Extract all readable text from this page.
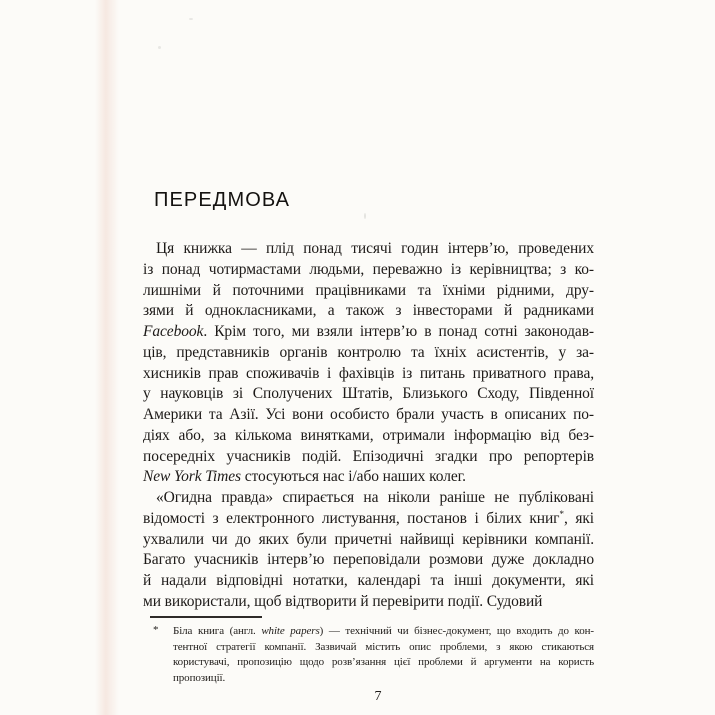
ПЕРЕДМОВА
Ця книжка — плід понад тисячі годин інтерв’ю, проведених
із понад чотирмастами людьми, переважно із керівництва; з ко-
лишніми й поточними працівниками та їхніми рідними, дру-
зями й однокласниками, а також з інвесторами й радниками
Facebook. Крім того, ми взяли інтерв’ю в понад сотні законодав-
ців, представників органів контролю та їхніх асистентів, у за-
хисників прав споживачів і фахівців із питань приватного права,
у науковців зі Сполучених Штатів, Близького Сходу, Південної
Америки та Азії. Усі вони особисто брали участь в описаних по-
діях або, за кількома винятками, отримали інформацію від без-
посередніх учасників подій. Епізодичні згадки про репортерів
New York Times стосуються нас і/або наших колег.
«Огидна правда» спирається на ніколи раніше не публіковані
відомості з електронного листування, постанов і білих книг*, які
ухвалили чи до яких були причетні найвищі керівники компанії.
Багато учасників інтерв’ю переповідали розмови дуже докладно
й надали відповідні нотатки, календарі та інші документи, які
ми використали, щоб відтворити й перевірити події. Судовий
* Біла книга (англ. white papers) — технічний чи бізнес-документ, що входить до кон-
тентної стратегії компанії. Зазвичай містить опис проблеми, з якою стикаються
користувачі, пропозицію щодо розв’язання цієї проблеми й аргументи на користь
пропозиції.
7
